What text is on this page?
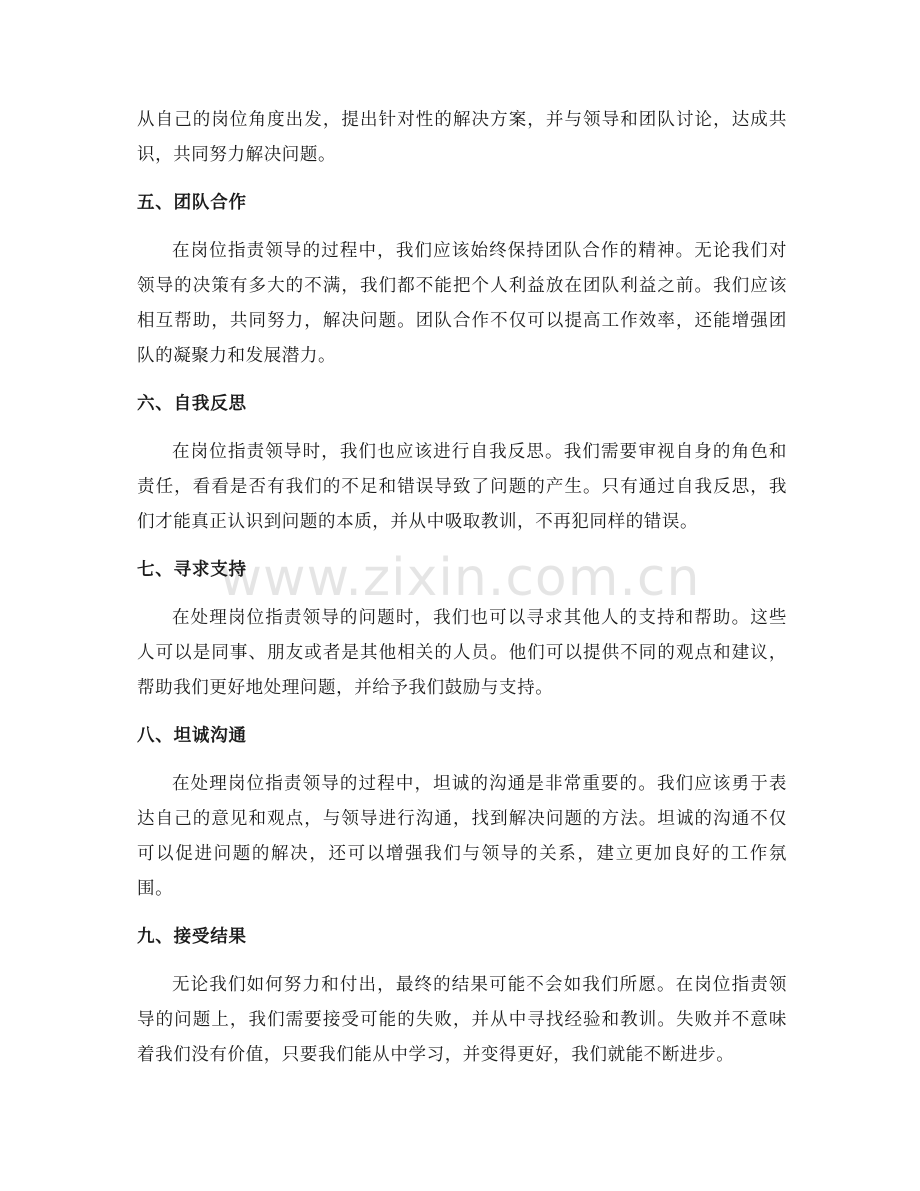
从自己的岗位角度出发，提出针对性的解决方案，并与领导和团队讨论，达成共识，共同努力解决问题。

五、团队合作

在岗位指责领导的过程中，我们应该始终保持团队合作的精神。无论我们对领导的决策有多大的不满，我们都不能把个人利益放在团队利益之前。我们应该相互帮助，共同努力，解决问题。团队合作不仅可以提高工作效率，还能增强团队的凝聚力和发展潜力。

六、自我反思

在岗位指责领导时，我们也应该进行自我反思。我们需要审视自身的角色和责任，看看是否有我们的不足和错误导致了问题的产生。只有通过自我反思，我们才能真正认识到问题的本质，并从中吸取教训，不再犯同样的错误。

七、寻求支持

在处理岗位指责领导的问题时，我们也可以寻求其他人的支持和帮助。这些人可以是同事、朋友或者是其他相关的人员。他们可以提供不同的观点和建议，帮助我们更好地处理问题，并给予我们鼓励与支持。

八、坦诚沟通

在处理岗位指责领导的过程中，坦诚的沟通是非常重要的。我们应该勇于表达自己的意见和观点，与领导进行沟通，找到解决问题的方法。坦诚的沟通不仅可以促进问题的解决，还可以增强我们与领导的关系，建立更加良好的工作氛围。

九、接受结果

无论我们如何努力和付出，最终的结果可能不会如我们所愿。在岗位指责领导的问题上，我们需要接受可能的失败，并从中寻找经验和教训。失败并不意味着我们没有价值，只要我们能从中学习，并变得更好，我们就能不断进步。

www.zixin.com.cn
